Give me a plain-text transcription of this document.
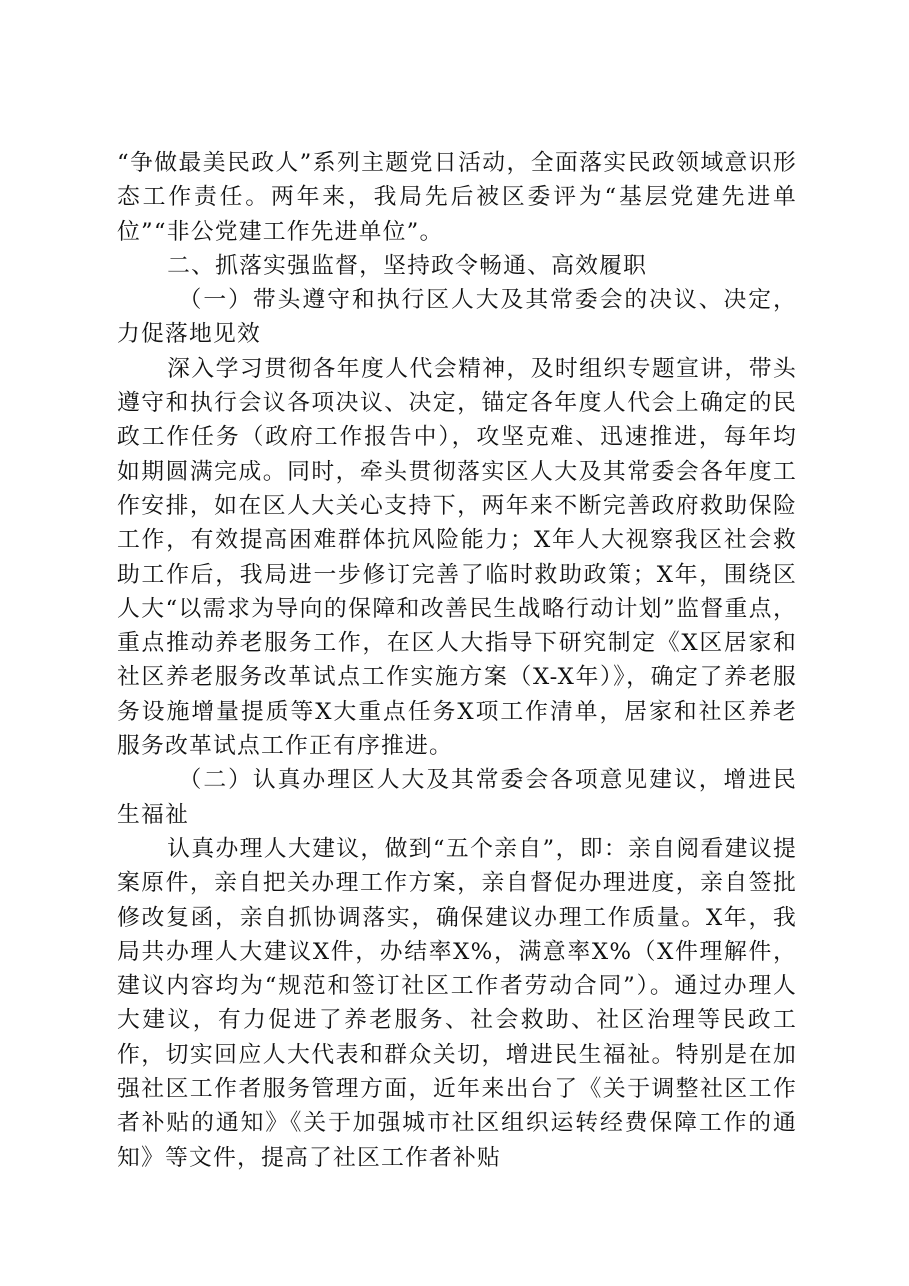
“争做最美民政人”系列主题党日活动，全面落实民政领域意识形态工作责任。两年来，我局先后被区委评为“基层党建先进单位”“非公党建工作先进单位”。

二、抓落实强监督，坚持政令畅通、高效履职

（一）带头遵守和执行区人大及其常委会的决议、决定，力促落地见效

深入学习贯彻各年度人代会精神，及时组织专题宣讲，带头遵守和执行会议各项决议、决定，锚定各年度人代会上确定的民政工作任务（政府工作报告中），攻坚克难、迅速推进，每年均如期圆满完成。同时，牵头贯彻落实区人大及其常委会各年度工作安排，如在区人大关心支持下，两年来不断完善政府救助保险工作，有效提高困难群体抗风险能力；X年人大视察我区社会救助工作后，我局进一步修订完善了临时救助政策；X年，围绕区人大“以需求为导向的保障和改善民生战略行动计划”监督重点，重点推动养老服务工作，在区人大指导下研究制定《X区居家和社区养老服务改革试点工作实施方案（X-X年）》，确定了养老服务设施增量提质等X大重点任务X项工作清单，居家和社区养老服务改革试点工作正有序推进。

（二）认真办理区人大及其常委会各项意见建议，增进民生福祉

认真办理人大建议，做到“五个亲自”，即：亲自阅看建议提案原件，亲自把关办理工作方案，亲自督促办理进度，亲自签批修改复函，亲自抓协调落实，确保建议办理工作质量。X年，我局共办理人大建议X件，办结率X%，满意率X%（X件理解件，建议内容均为“规范和签订社区工作者劳动合同”）。通过办理人大建议，有力促进了养老服务、社会救助、社区治理等民政工作，切实回应人大代表和群众关切，增进民生福祉。特别是在加强社区工作者服务管理方面，近年来出台了《关于调整社区工作者补贴的通知》《关于加强城市社区组织运转经费保障工作的通知》等文件，提高了社区工作者补贴
